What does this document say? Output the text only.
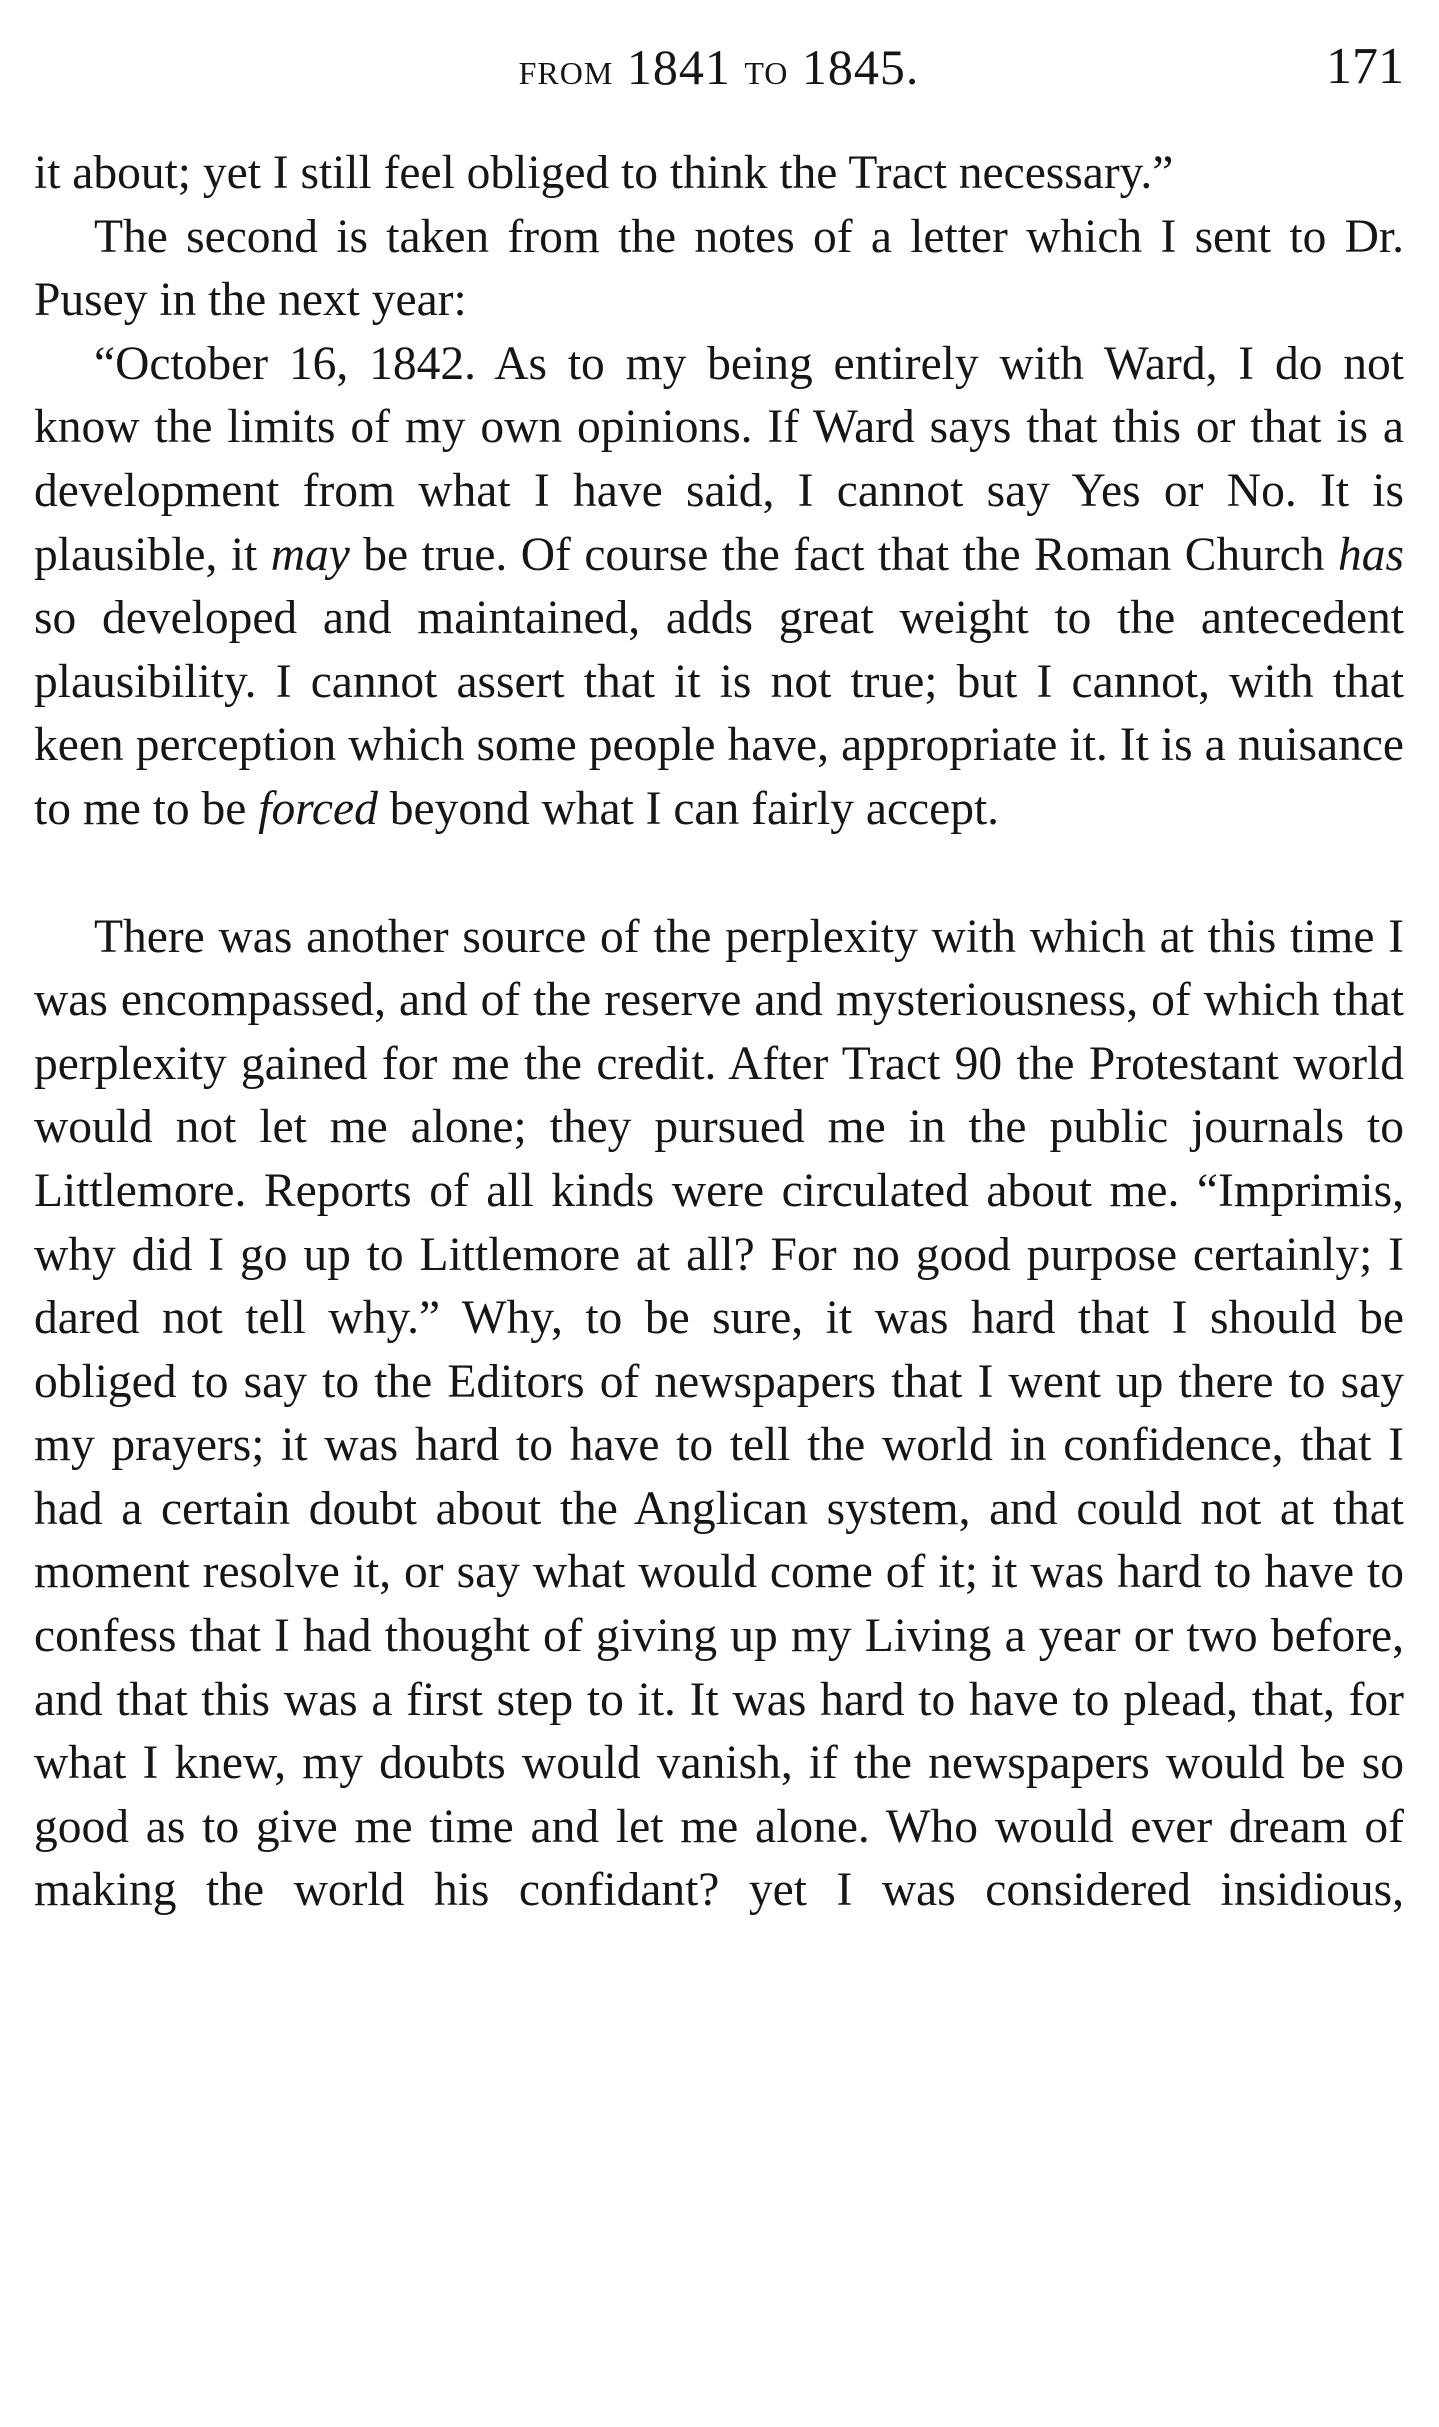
from 1841 to 1845.	171

it about; yet I still feel obliged to think the Tract necessary.”

The second is taken from the notes of a letter which I sent to Dr. Pusey in the next year:

“October 16, 1842. As to my being entirely with Ward, I do not know the limits of my own opinions. If Ward says that this or that is a development from what I have said, I cannot say Yes or No. It is plausible, it may be true. Of course the fact that the Roman Church has so developed and maintained, adds great weight to the antecedent plausibility. I cannot assert that it is not true; but I cannot, with that keen perception which some people have, appropriate it. It is a nuisance to me to be forced beyond what I can fairly accept.

There was another source of the perplexity with which at this time I was encompassed, and of the reserve and mysteriousness, of which that perplexity gained for me the credit. After Tract 90 the Protestant world would not let me alone; they pursued me in the public journals to Littlemore. Reports of all kinds were circulated about me. “Imprimis, why did I go up to Littlemore at all? For no good purpose certainly; I dared not tell why.” Why, to be sure, it was hard that I should be obliged to say to the Editors of newspapers that I went up there to say my prayers; it was hard to have to tell the world in confidence, that I had a certain doubt about the Anglican system, and could not at that moment resolve it, or say what would come of it; it was hard to have to confess that I had thought of giving up my Living a year or two before, and that this was a first step to it. It was hard to have to plead, that, for what I knew, my doubts would vanish, if the newspapers would be so good as to give me time and let me alone. Who would ever dream of making the world his confidant? yet I was considered insidious,
